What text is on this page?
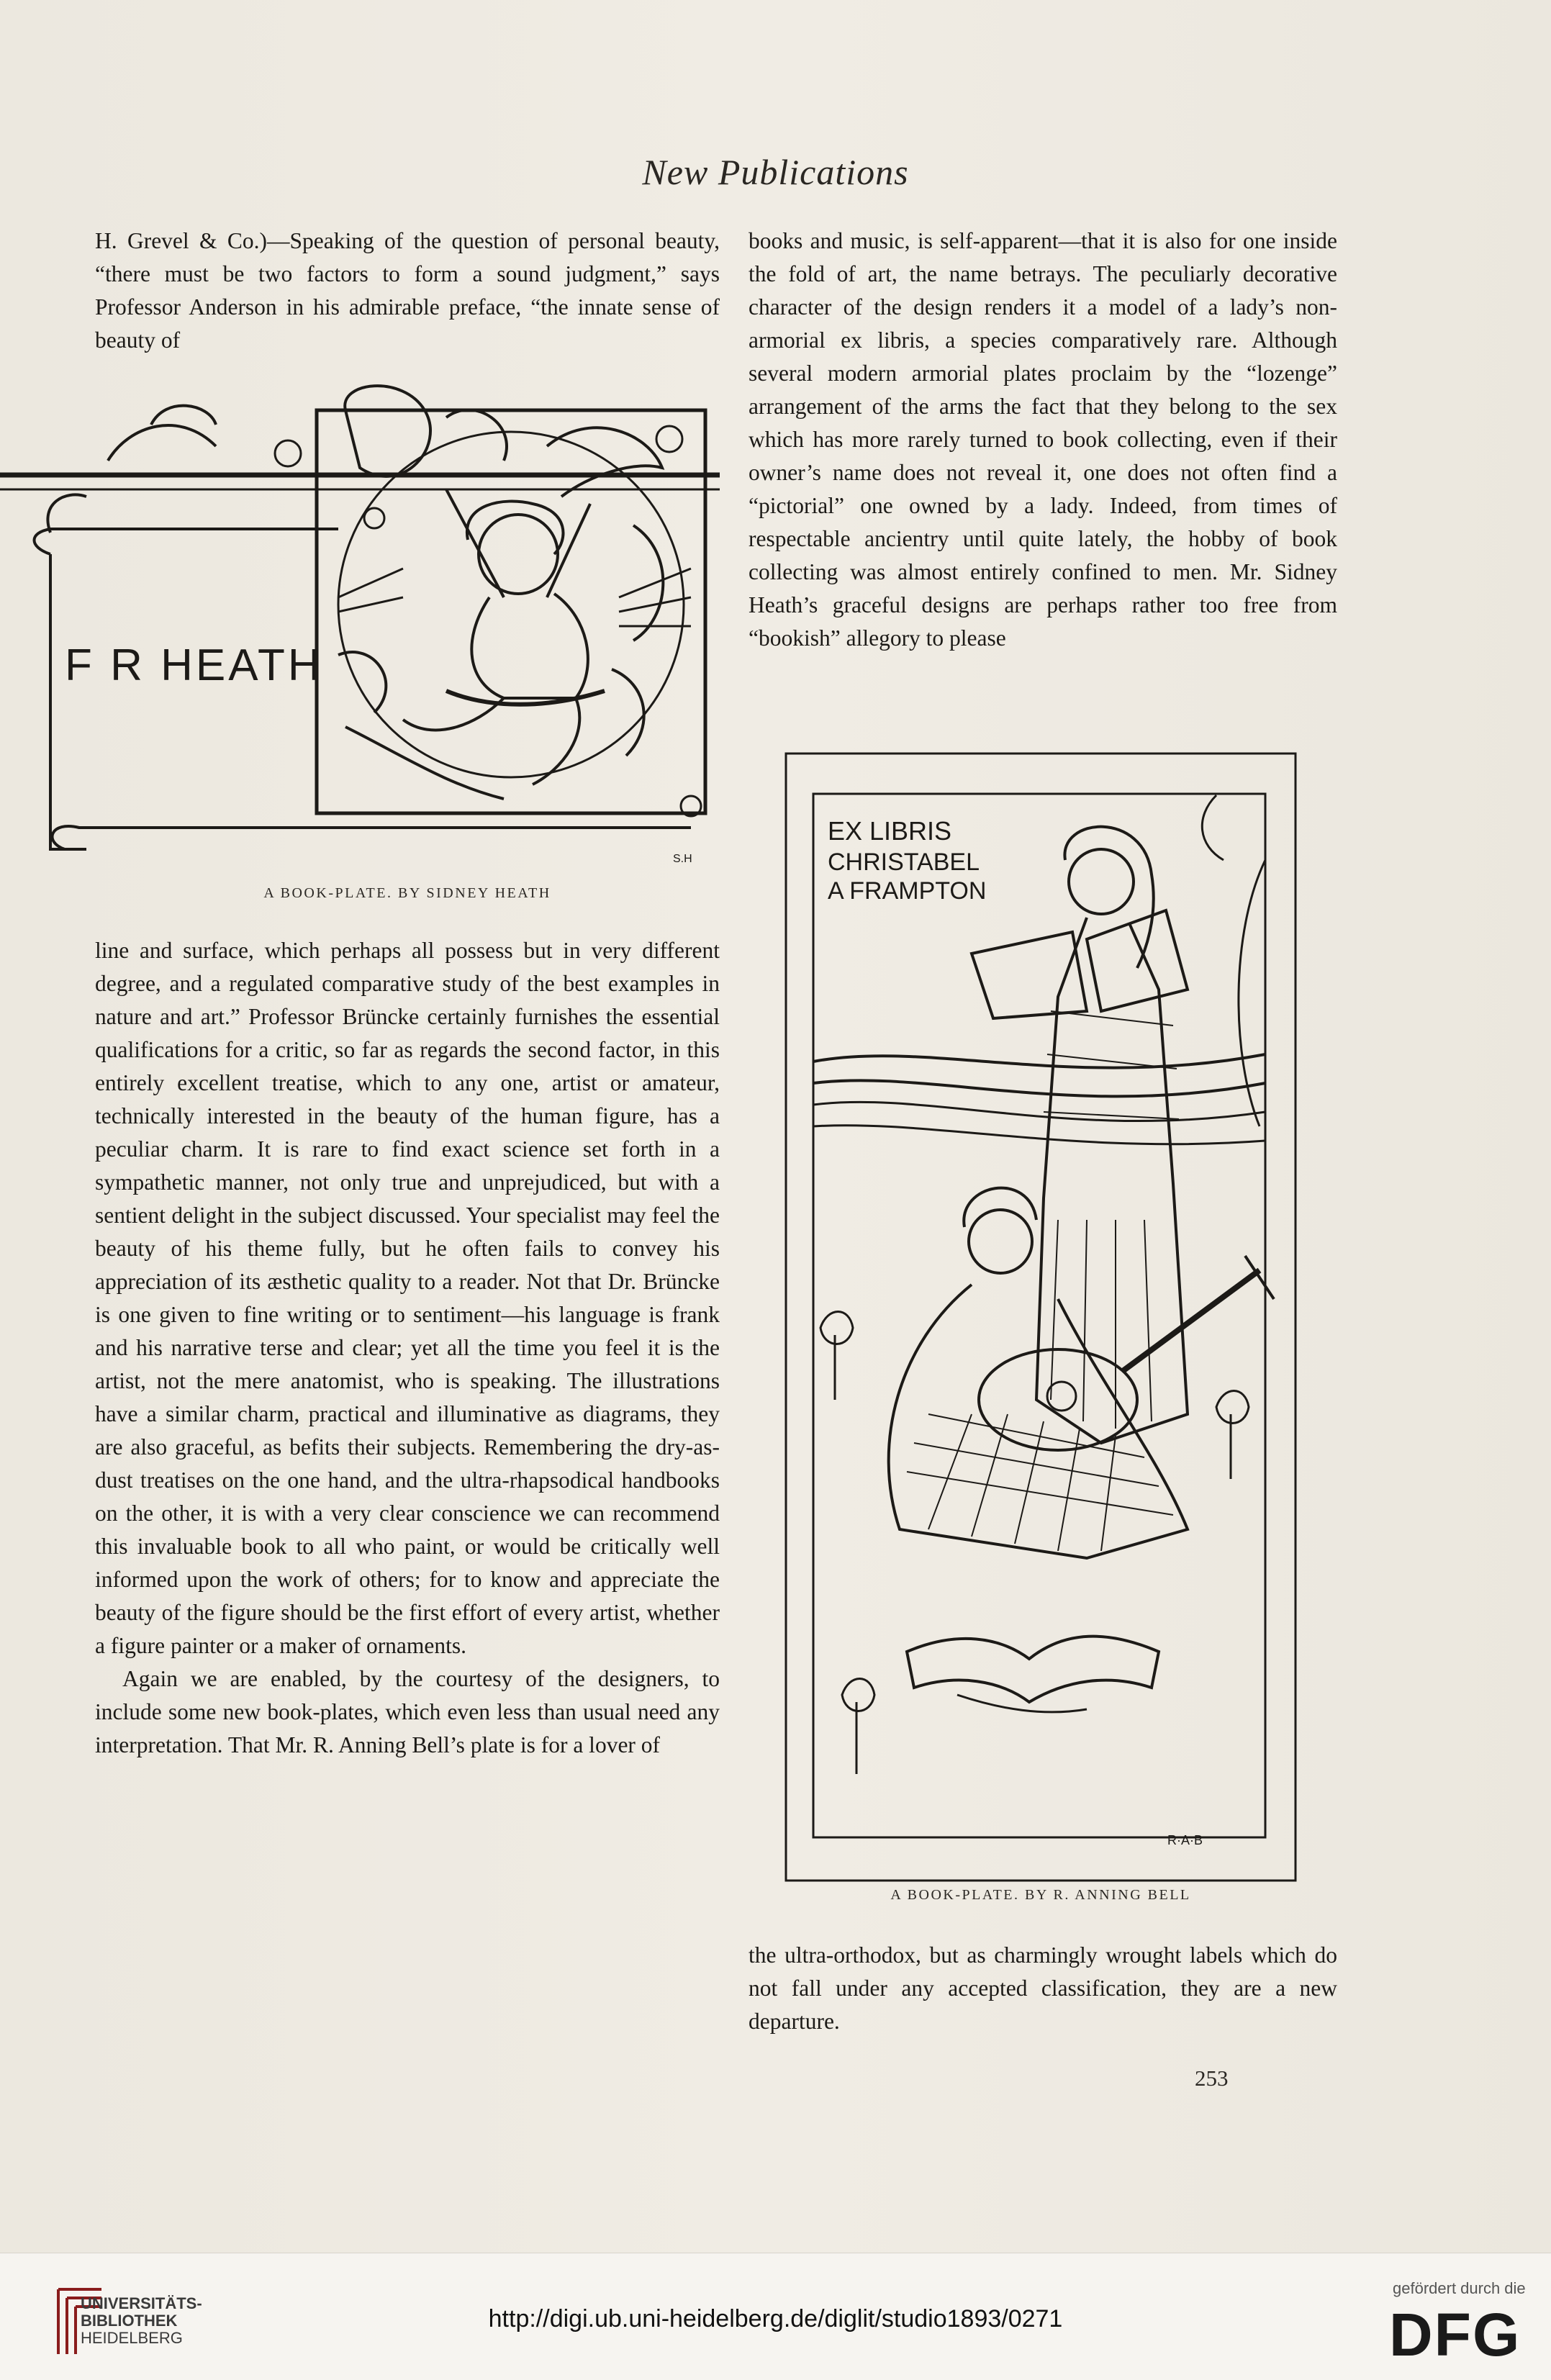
New Publications
H. Grevel & Co.)—Speaking of the question of personal beauty, “there must be two factors to form a sound judgment,” says Professor Anderson in his admirable preface, “the innate sense of beauty of
F R HEATH
S.H
A BOOK-PLATE. BY SIDNEY HEATH
line and surface, which perhaps all possess but in very different degree, and a regulated comparative study of the best examples in nature and art.” Professor Brüncke certainly furnishes the essential qualifications for a critic, so far as regards the second factor, in this entirely excellent treatise, which to any one, artist or amateur, technically interested in the beauty of the human figure, has a peculiar charm. It is rare to find exact science set forth in a sympathetic manner, not only true and unprejudiced, but with a sentient delight in the subject discussed. Your specialist may feel the beauty of his theme fully, but he often fails to convey his appreciation of its æsthetic quality to a reader. Not that Dr. Brüncke is one given to fine writing or to sentiment—his language is frank and his narrative terse and clear; yet all the time you feel it is the artist, not the mere anatomist, who is speaking. The illustrations have a similar charm, practical and illuminative as diagrams, they are also graceful, as befits their subjects. Remembering the dry-as-dust treatises on the one hand, and the ultra-rhapsodical handbooks on the other, it is with a very clear conscience we can recommend this invaluable book to all who paint, or would be critically well informed upon the work of others; for to know and appreciate the beauty of the figure should be the first effort of every artist, whether a figure painter or a maker of ornaments.
Again we are enabled, by the courtesy of the designers, to include some new book-plates, which even less than usual need any interpretation. That Mr. R. Anning Bell’s plate is for a lover of
books and music, is self-apparent—that it is also for one inside the fold of art, the name betrays. The peculiarly decorative character of the design renders it a model of a lady’s non-armorial ex libris, a species comparatively rare. Although several modern armorial plates proclaim by the “lozenge” arrangement of the arms the fact that they belong to the sex which has more rarely turned to book collecting, even if their owner’s name does not reveal it, one does not often find a “pictorial” one owned by a lady. Indeed, from times of respectable ancientry until quite lately, the hobby of book collecting was almost entirely confined to men. Mr. Sidney Heath’s graceful designs are perhaps rather too free from “bookish” allegory to please
EX LIBRIS
CHRISTABEL
A FRAMPTON
R·A·B
A BOOK-PLATE. BY R. ANNING BELL
the ultra-orthodox, but as charmingly wrought labels which do not fall under any accepted classification, they are a new departure.
253
UNIVERSITÄTS-
BIBLIOTHEK
HEIDELBERG
http://digi.ub.uni-heidelberg.de/diglit/studio1893/0271
gefördert durch die
DFG
